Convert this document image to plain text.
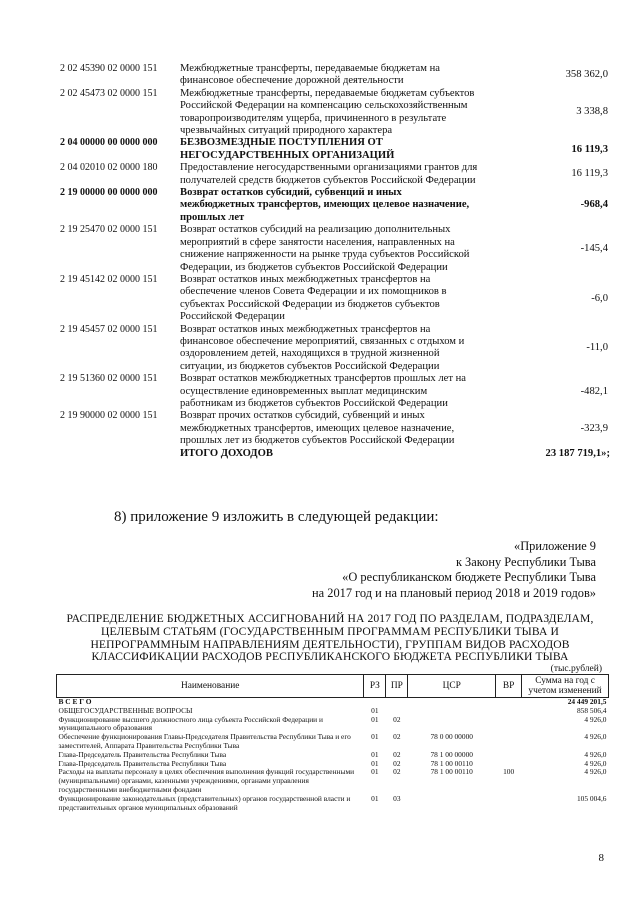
2 02 45390 02 0000 151	Межбюджетные трансферты, передаваемые бюджетам на финансовое обеспечение дорожной деятельности
358 362,0
2 02 45473 02 0000 151	Межбюджетные трансферты, передаваемые бюджетам субъектов Российской Федерации на компенсацию сельскохозяйственным товаропроизводителям ущерба, причиненного в результате чрезвычайных ситуаций природного характера
3 338,8
2 04 00000 00 0000 000	БЕЗВОЗМЕЗДНЫЕ ПОСТУПЛЕНИЯ ОТ НЕГОСУДАРСТВЕННЫХ ОРГАНИЗАЦИЙ
16 119,3
2 04 02010 02 0000 180	Предоставление негосударственными организациями грантов для получателей средств бюджетов субъектов Российской Федерации
16 119,3
2 19 00000 00 0000 000	Возврат остатков субсидий, субвенций и иных межбюджетных трансфертов, имеющих целевое назначение, прошлых лет
-968,4
2 19 25470 02 0000 151	Возврат остатков субсидий на реализацию дополнительных мероприятий в сфере занятости населения, направленных на снижение напряженности на рынке труда субъектов Российской Федерации, из бюджетов субъектов Российской Федерации
-145,4
2 19 45142 02 0000 151	Возврат остатков иных межбюджетных трансфертов на обеспечение членов Совета Федерации и их помощников в субъектах Российской Федерации из бюджетов субъектов Российской Федерации
-6,0
2 19 45457 02 0000 151	Возврат остатков иных межбюджетных трансфертов на финансовое обеспечение мероприятий, связанных с отдыхом и оздоровлением детей, находящихся в трудной жизненной ситуации, из бюджетов субъектов Российской Федерации
-11,0
2 19 51360 02 0000 151	Возврат остатков межбюджетных трансфертов прошлых лет на осуществление единовременных выплат медицинским работникам из бюджетов субъектов Российской Федерации
-482,1
2 19 90000 02 0000 151	Возврат прочих остатков субсидий, субвенций и иных межбюджетных трансфертов, имеющих целевое назначение, прошлых лет из бюджетов субъектов Российской Федерации
-323,9
ИТОГО ДОХОДОВ	23 187 719,1»;
8) приложение 9 изложить в следующей редакции:
«Приложение 9
к Закону Республики Тыва
«О республиканском бюджете Республики Тыва
на 2017 год и на плановый период 2018 и 2019 годов»
РАСПРЕДЕЛЕНИЕ БЮДЖЕТНЫХ АССИГНОВАНИЙ НА 2017 ГОД ПО РАЗДЕЛАМ, ПОДРАЗДЕЛАМ, ЦЕЛЕВЫМ СТАТЬЯМ (ГОСУДАРСТВЕННЫМ ПРОГРАММАМ РЕСПУБЛИКИ ТЫВА И НЕПРОГРАММНЫМ НАПРАВЛЕНИЯМ ДЕЯТЕЛЬНОСТИ), ГРУППАМ ВИДОВ РАСХОДОВ КЛАССИФИКАЦИИ РАСХОДОВ РЕСПУБЛИКАНСКОГО БЮДЖЕТА РЕСПУБЛИКИ ТЫВА
(тыс.рублей)
Наименование	РЗ	ПР	ЦСР	ВР	Сумма на год с учетом изменений
В С Е Г О					24 449 201,5
ОБЩЕГОСУДАРСТВЕННЫЕ ВОПРОСЫ	01				858 506,4
Функционирование высшего должностного лица субъекта Российской Федерации и муниципального образования	01	02			4 926,0
Обеспечение функционирования Главы-Председателя Правительства Республики Тыва и его заместителей, Аппарата Правительства Республики Тыва	01	02	78 0 00 00000		4 926,0
Глава-Председатель Правительства Республики Тыва	01	02	78 1 00 00000		4 926,0
Глава-Председатель Правительства Республики Тыва	01	02	78 1 00 00110		4 926,0
Расходы на выплаты персоналу в целях обеспечения выполнения функций государственными (муниципальными) органами, казенными учреждениями, органами управления государственными внебюджетными фондами	01	02	78 1 00 00110	100	4 926,0
Функционирование законодательных (представительных) органов государственной власти и представительных органов муниципальных образований	01	03			105 004,6
8
